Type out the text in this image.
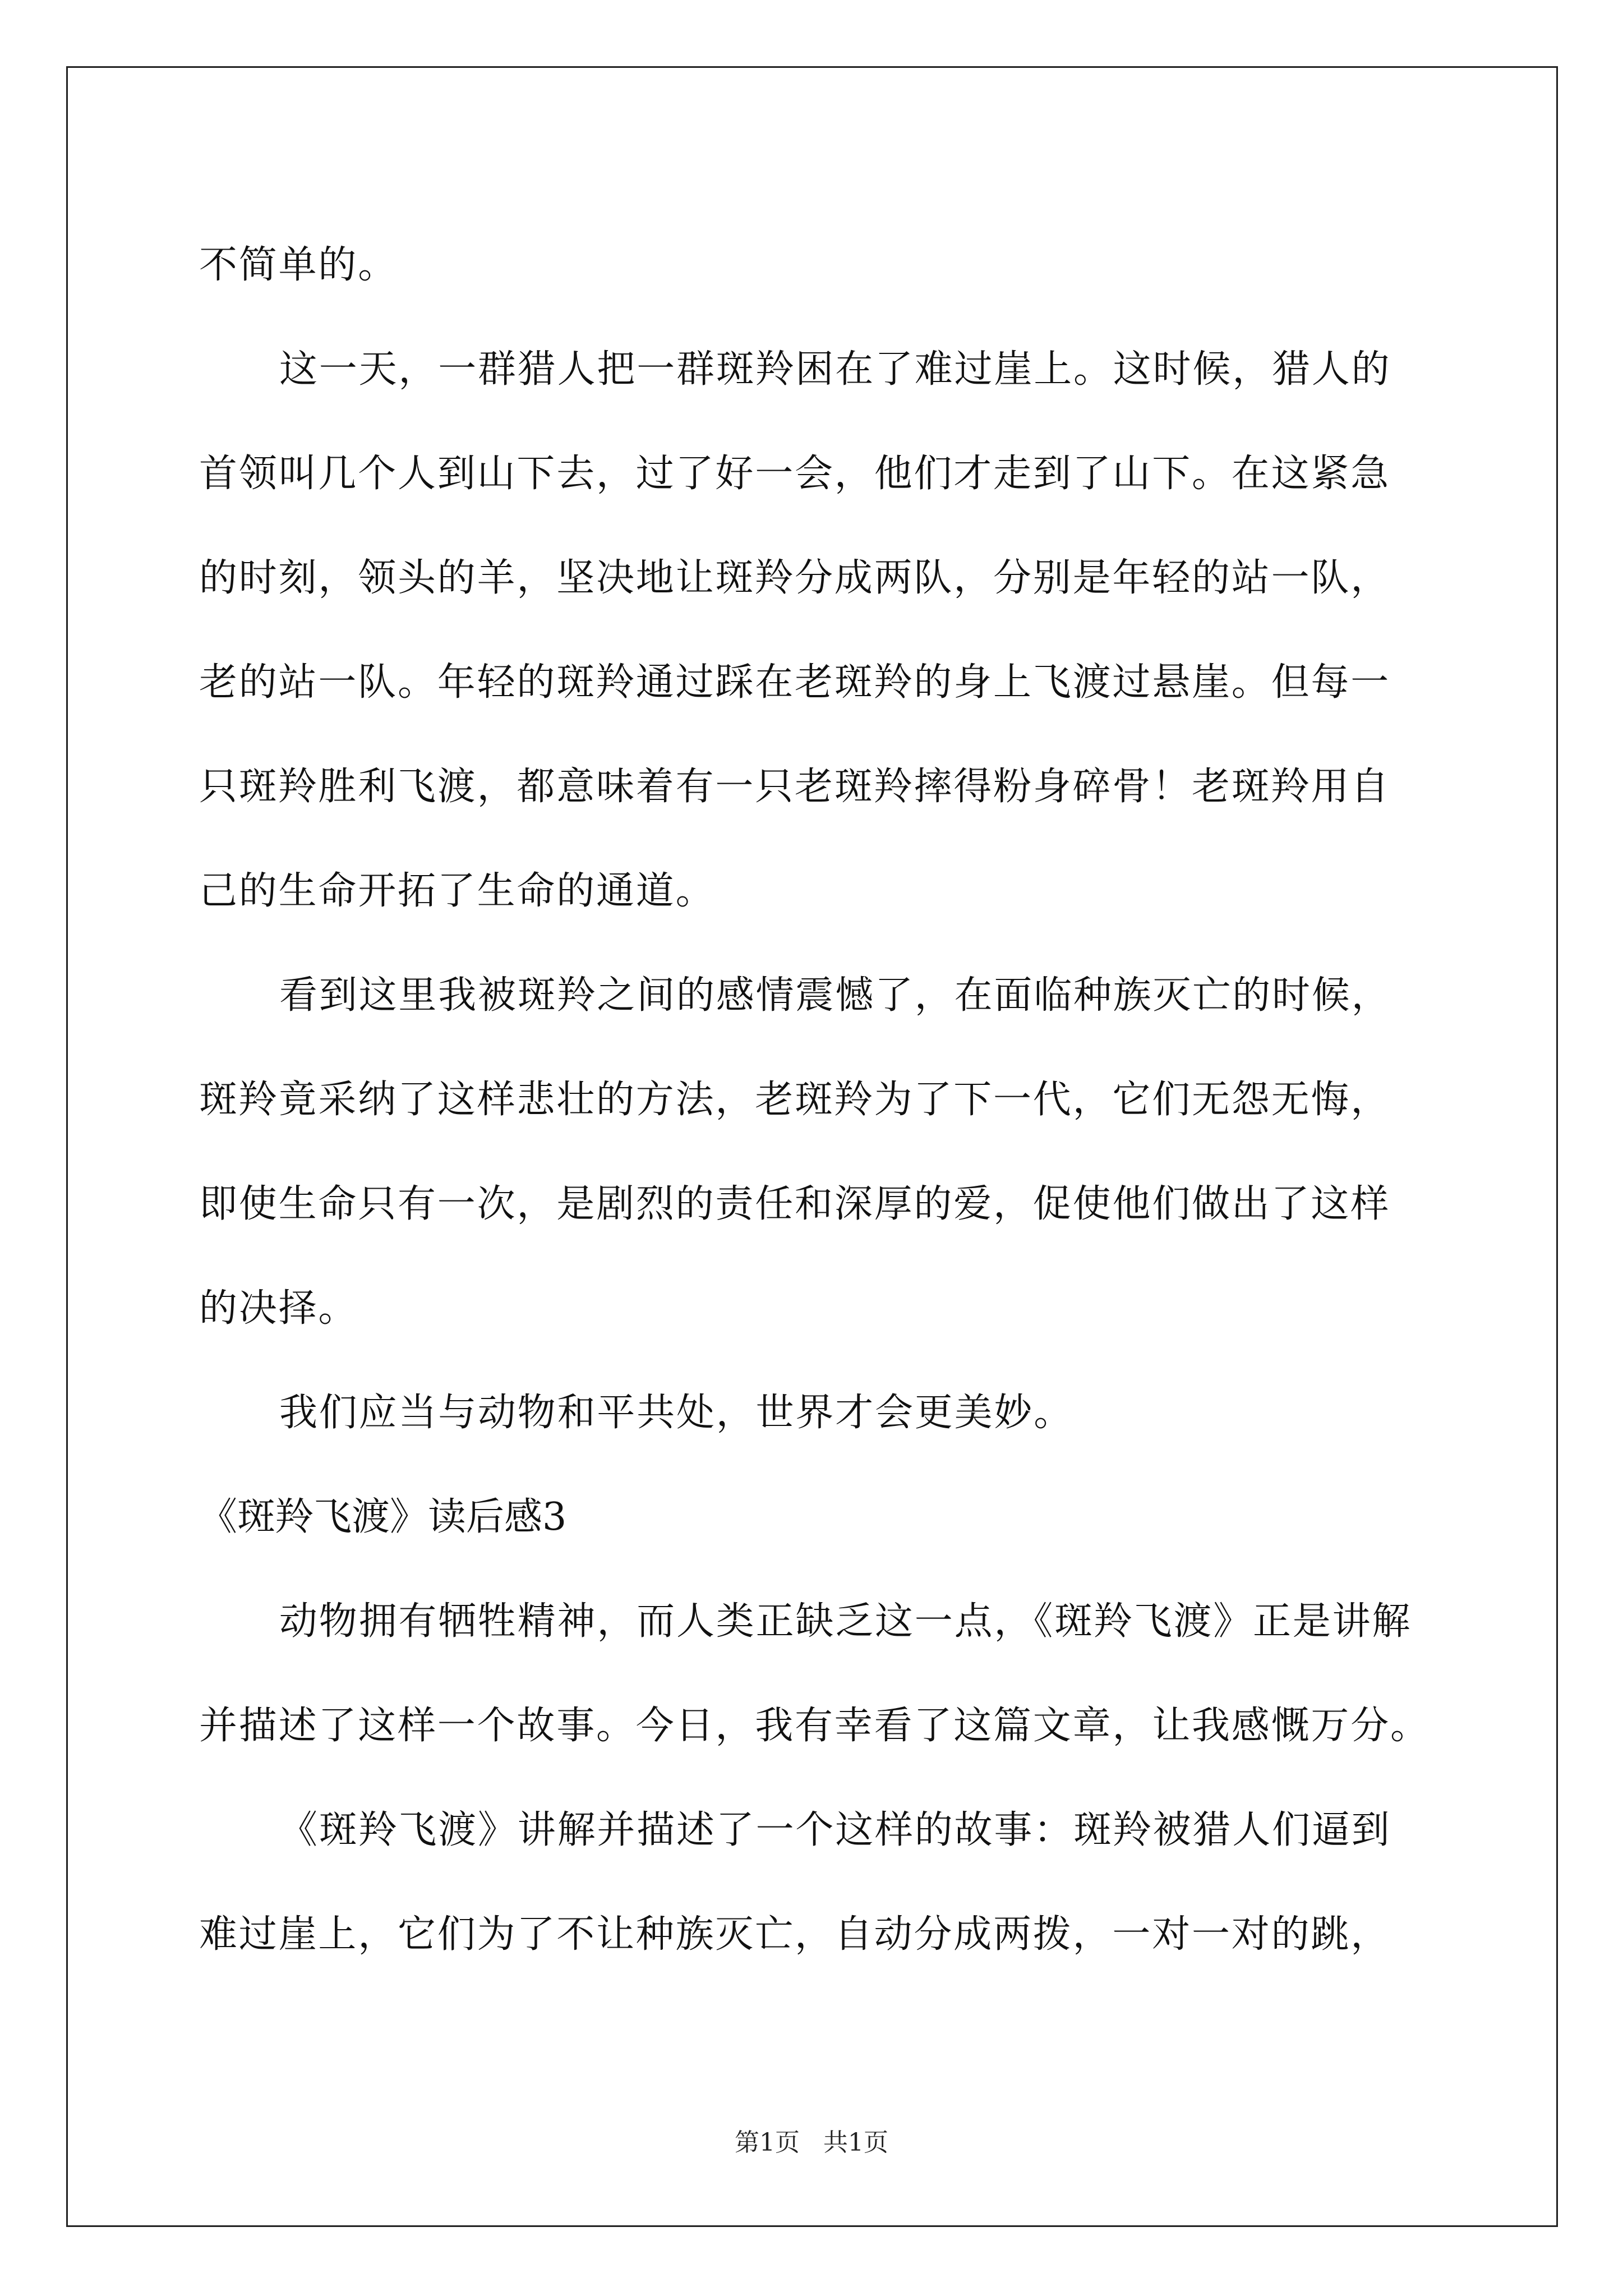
不简单的。
这一天，一群猎人把一群斑羚困在了难过崖上。这时候，猎人的
首领叫几个人到山下去，过了好一会，他们才走到了山下。在这紧急
的时刻，领头的羊，坚决地让斑羚分成两队，分别是年轻的站一队，
老的站一队。年轻的斑羚通过踩在老斑羚的身上飞渡过悬崖。但每一
只斑羚胜利飞渡，都意味着有一只老斑羚摔得粉身碎骨！老斑羚用自
己的生命开拓了生命的通道。
看到这里我被斑羚之间的感情震憾了，在面临种族灭亡的时候，
斑羚竟采纳了这样悲壮的方法，老斑羚为了下一代，它们无怨无悔，
即使生命只有一次，是剧烈的责任和深厚的爱，促使他们做出了这样
的决择。
我们应当与动物和平共处，世界才会更美妙。
《斑羚飞渡》读后感3
动物拥有牺牲精神，而人类正缺乏这一点，《斑羚飞渡》正是讲解
并描述了这样一个故事。今日，我有幸看了这篇文章，让我感慨万分。
《斑羚飞渡》讲解并描述了一个这样的故事：斑羚被猎人们逼到
难过崖上，它们为了不让种族灭亡，自动分成两拨，一对一对的跳，
第1页 共1页
